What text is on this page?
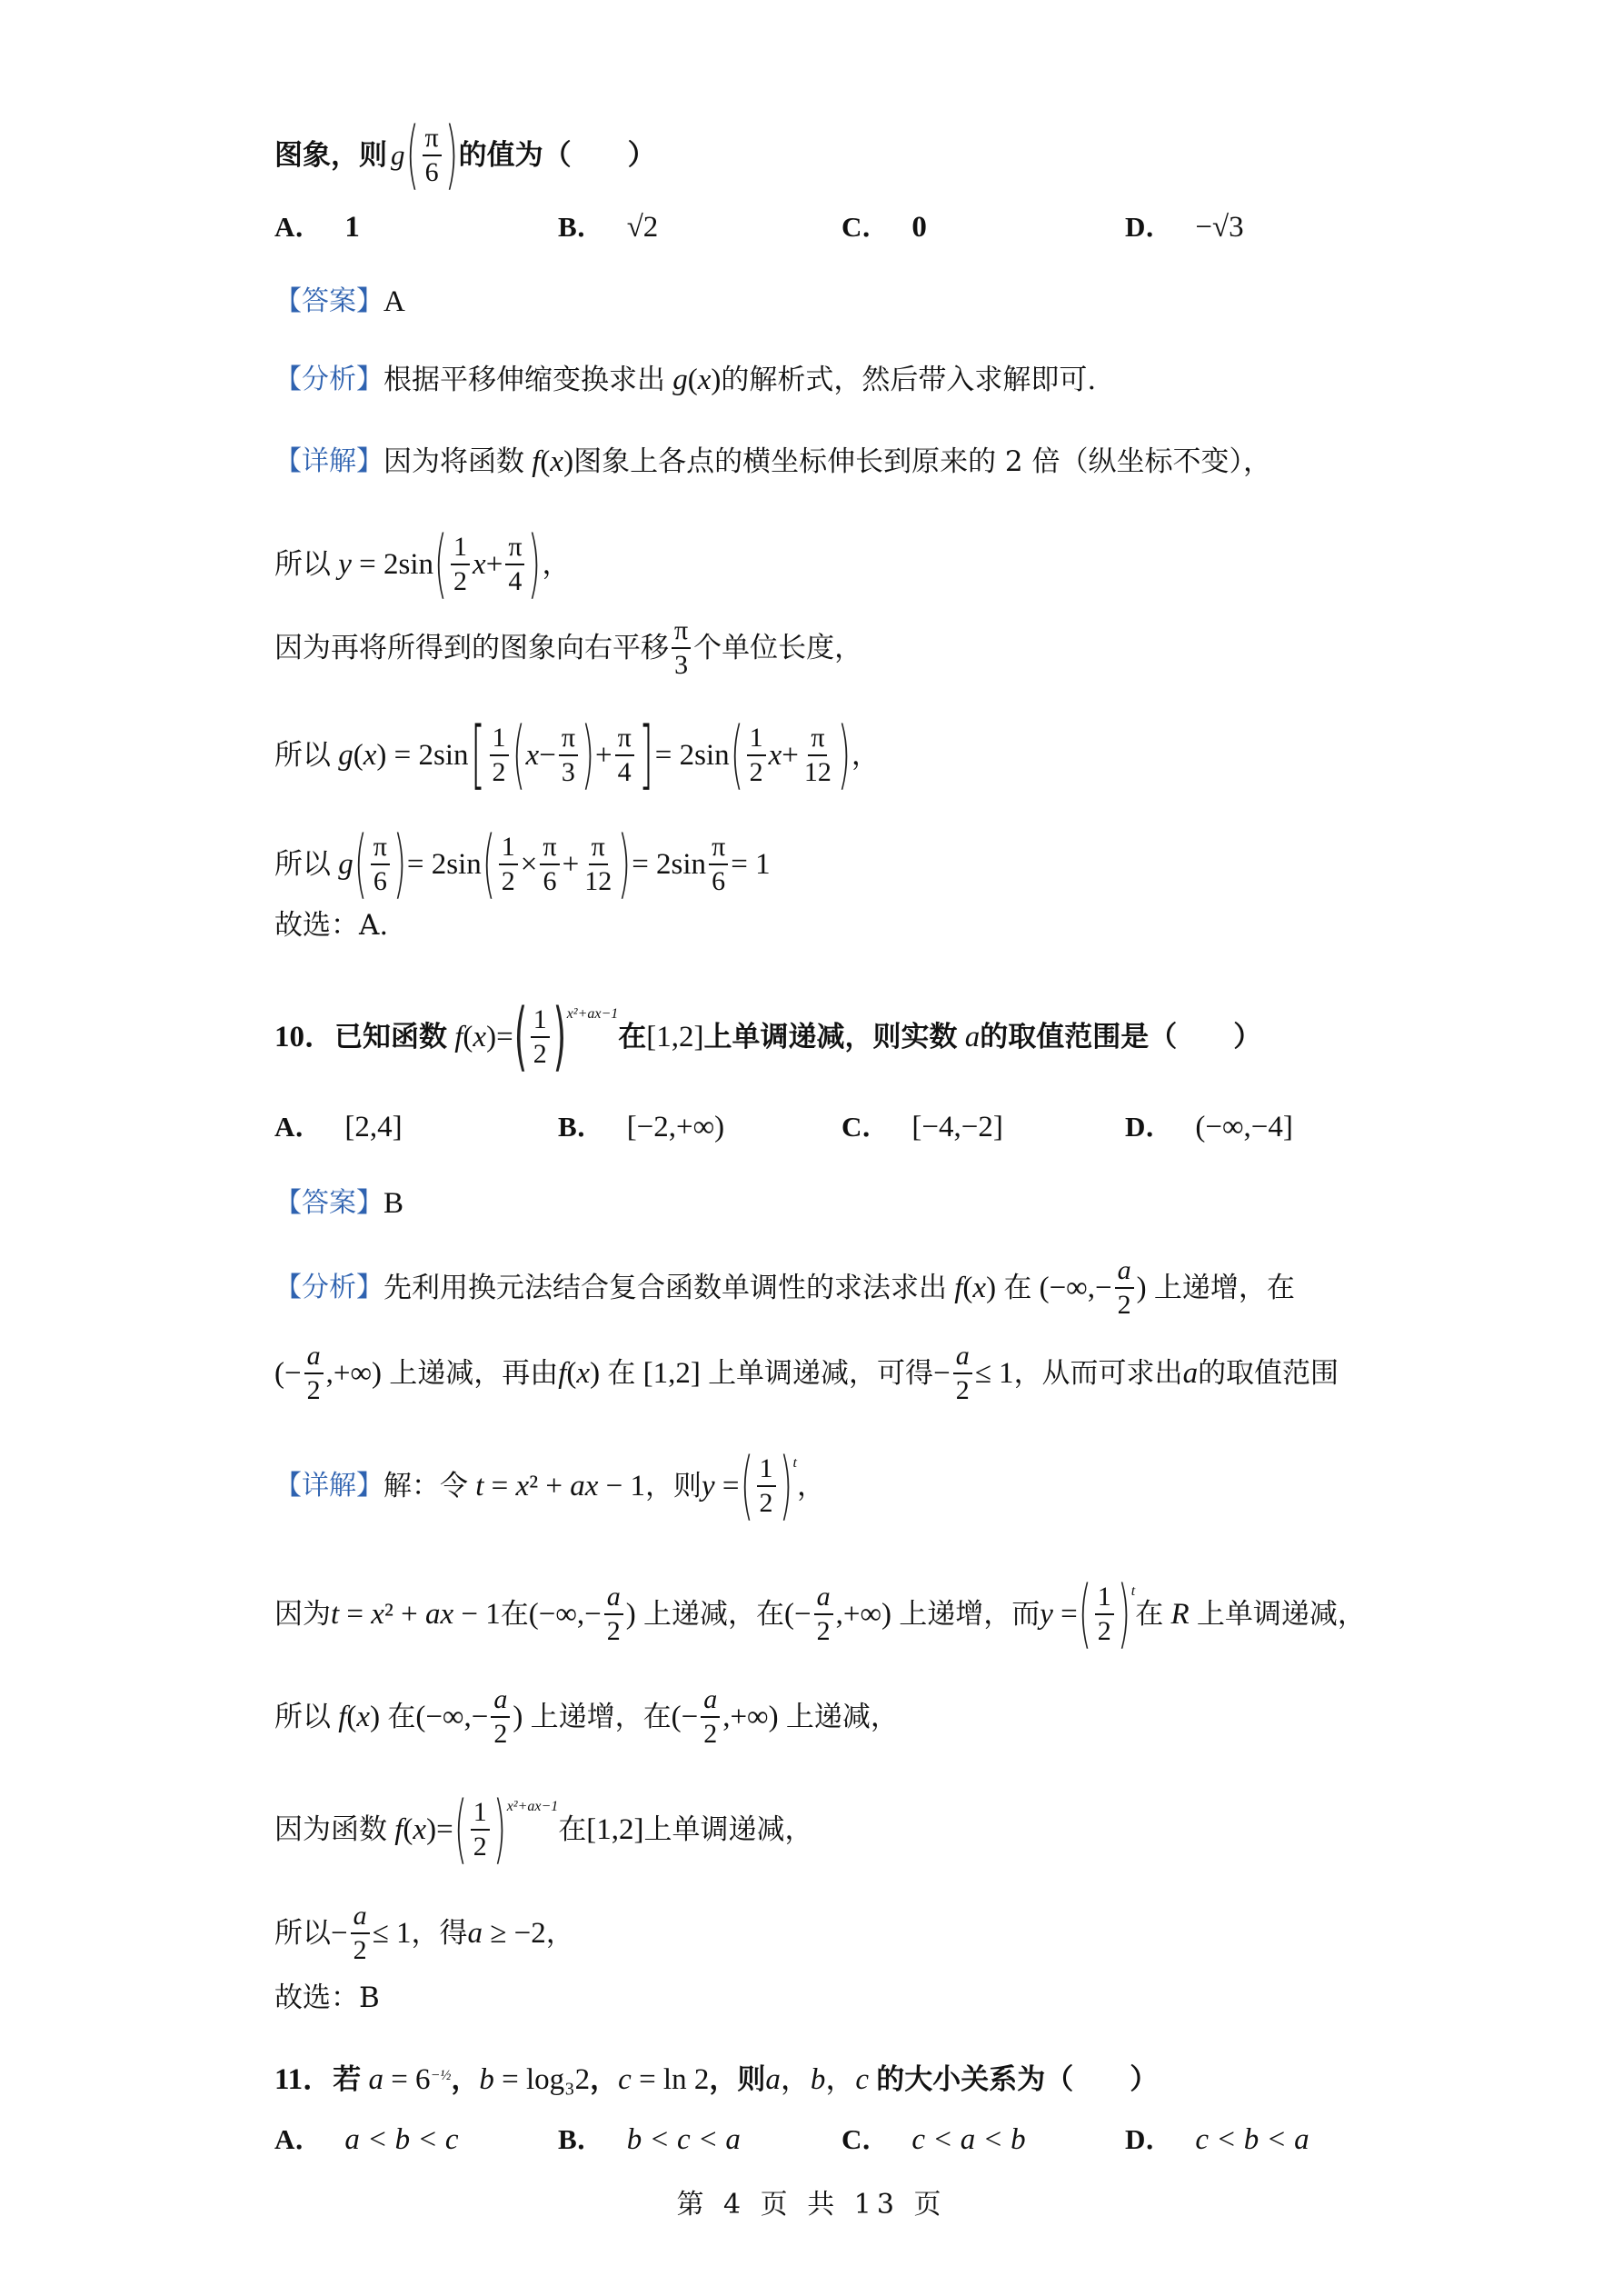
图象，则 g ( $\frac{\pi}{6}$ ) 的值为（　　）
A． 1	B． √2	C． 0	D． −√3
【答案】 A
【分析】 根据平移伸缩变换求出 g ( x ) 的解析式，然后带入求解即可.
【详解】 因为将函数 f ( x ) 图象上各点的横坐标伸长到原来的 2 倍（纵坐标不变），
所以 y = 2sin ( $\frac{1}{2}$ $x + \frac{\pi}{4}$ ) ，
因为再将所得到的图象向右平移 $\frac{\pi}{3}$ 个单位长度，
所以 g ( x ) = 2sin [ $\frac{1}{2}$ ( $x - \frac{\pi}{3}$ ) + $\frac{\pi}{4}$ ] = 2sin ( $\frac{1}{2}$ $x + \frac{\pi}{12}$ ) ，
所以 g ( $\frac{\pi}{6}$ ) = 2sin ( $\frac{1}{2} \times \frac{\pi}{6} + \frac{\pi}{12}$ ) = $2\sin \frac{\pi}{6} = 1$
故选：A.
10． 已知函数 f ( x )= ( $\frac{1}{2}$ ) x²+ax−1
在 [1,2] 上单调递减，则实数
a 的取值范围是（　　）
A． [2,4]	B． [−2,+∞)	C． [−4,−2]	D． (−∞,−4]
【答案】 B
【分析】 先利用换元法结合复合函数单调性的求法求出 f ( x ) 在 (−∞,− $\frac{a}{2}$ ) 上递增，在
(− $\frac{a}{2}$ ,+∞) 上递减，再由 f ( x ) 在 [1,2] 上单调递减，可得 − $\frac{a}{2} \le 1$ ，从而可求出 a 的取值范围
【详解】 解：令 t = x² + ax − 1 ，则 y = ( $\frac{1}{2}$ ) t
，
因为 t = x² + ax − 1 在 (−∞,− $\frac{a}{2}$ ) 上递减，在 (− $\frac{a}{2}$ ,+∞) 上递增，而 y = ( $\frac{1}{2}$ ) t
在 R 上单调递减，
所以 f ( x ) 在 (−∞,− $\frac{a}{2}$ ) 上递增，在 (− $\frac{a}{2}$ ,+∞) 上递减，
因为函数 f ( x )= ( $\frac{1}{2}$ ) x²+ax−1
在 [1,2] 上单调递减，
所以 − $\frac{a}{2} \le 1$ ，得 a ≥ −2 ，
故选：B
11． 若 a = 6 −½ ， b = log₃2 ， c = ln 2 ，则 a，b，c 的大小关系为（　　）
A． a < b < c	B． b < c < a	C． c < a < b	D． c < b < a
第 4 页 共 13 页
